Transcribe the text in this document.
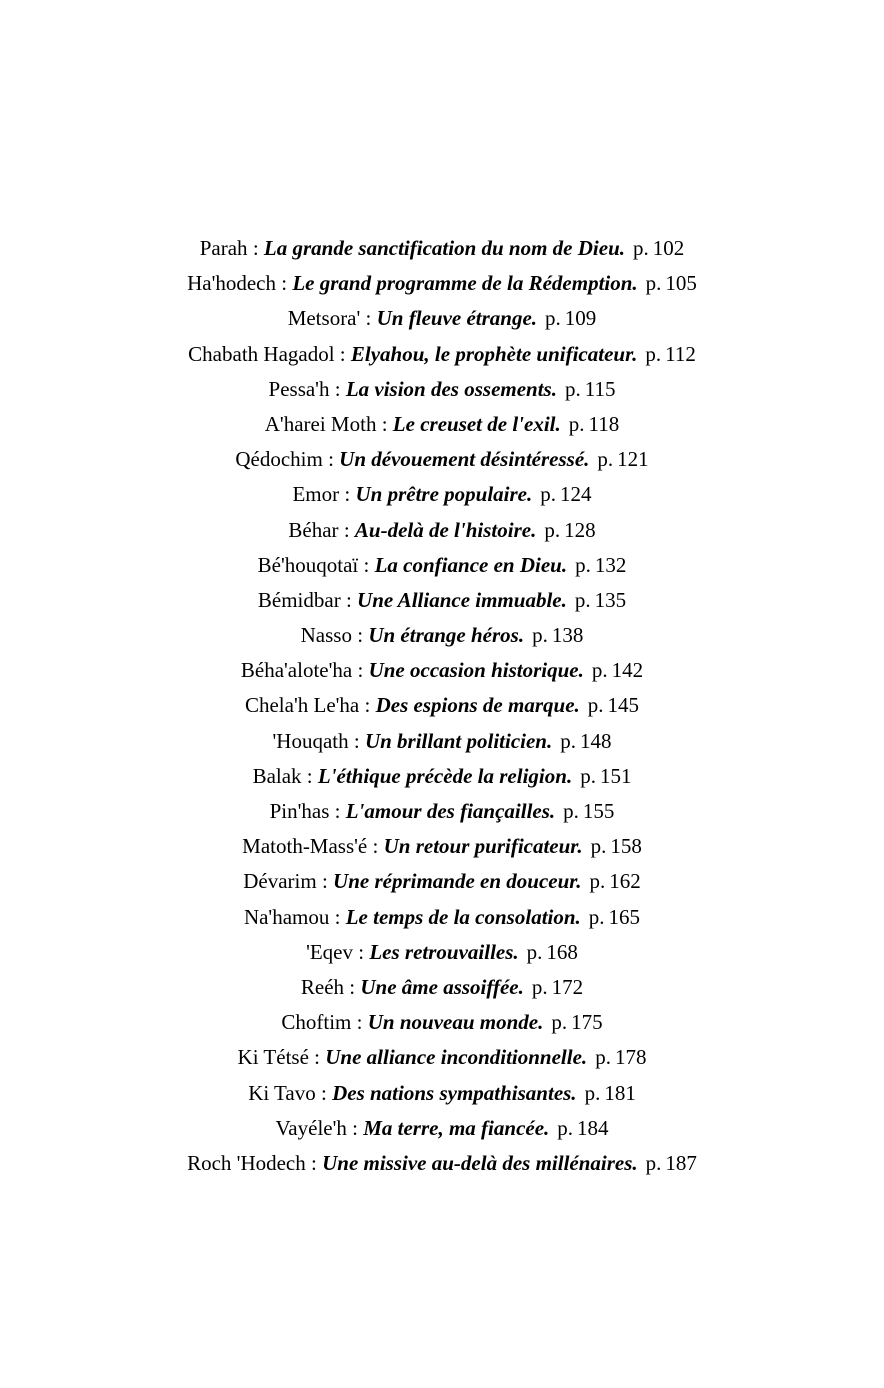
Parah : La grande sanctification du nom de Dieu. p. 102
Ha'hodech : Le grand programme de la Rédemption. p. 105
Metsora' : Un fleuve étrange. p. 109
Chabath Hagadol : Elyahou, le prophète unificateur. p. 112
Pessa'h : La vision des ossements. p. 115
A'harei Moth : Le creuset de l'exil. p. 118
Qédochim : Un dévouement désintéressé. p. 121
Emor : Un prêtre populaire. p. 124
Béhar : Au-delà de l'histoire. p. 128
Bé'houqotaï : La confiance en Dieu. p. 132
Bémidbar : Une Alliance immuable. p. 135
Nasso : Un étrange héros. p. 138
Béha'alote'ha : Une occasion historique. p. 142
Chela'h Le'ha : Des espions de marque. p. 145
'Houqath : Un brillant politicien. p. 148
Balak : L'éthique précède la religion. p. 151
Pin'has : L'amour des fiançailles. p. 155
Matoth-Mass'é : Un retour purificateur. p. 158
Dévarim : Une réprimande en douceur. p. 162
Na'hamou : Le temps de la consolation. p. 165
'Eqev : Les retrouvailles. p. 168
Reéh : Une âme assoiffée. p. 172
Choftim : Un nouveau monde. p. 175
Ki Tétsé : Une alliance inconditionnelle. p. 178
Ki Tavo : Des nations sympathisantes. p. 181
Vayéle'h : Ma terre, ma fiancée. p. 184
Roch 'Hodech : Une missive au-delà des millénaires. p. 187
